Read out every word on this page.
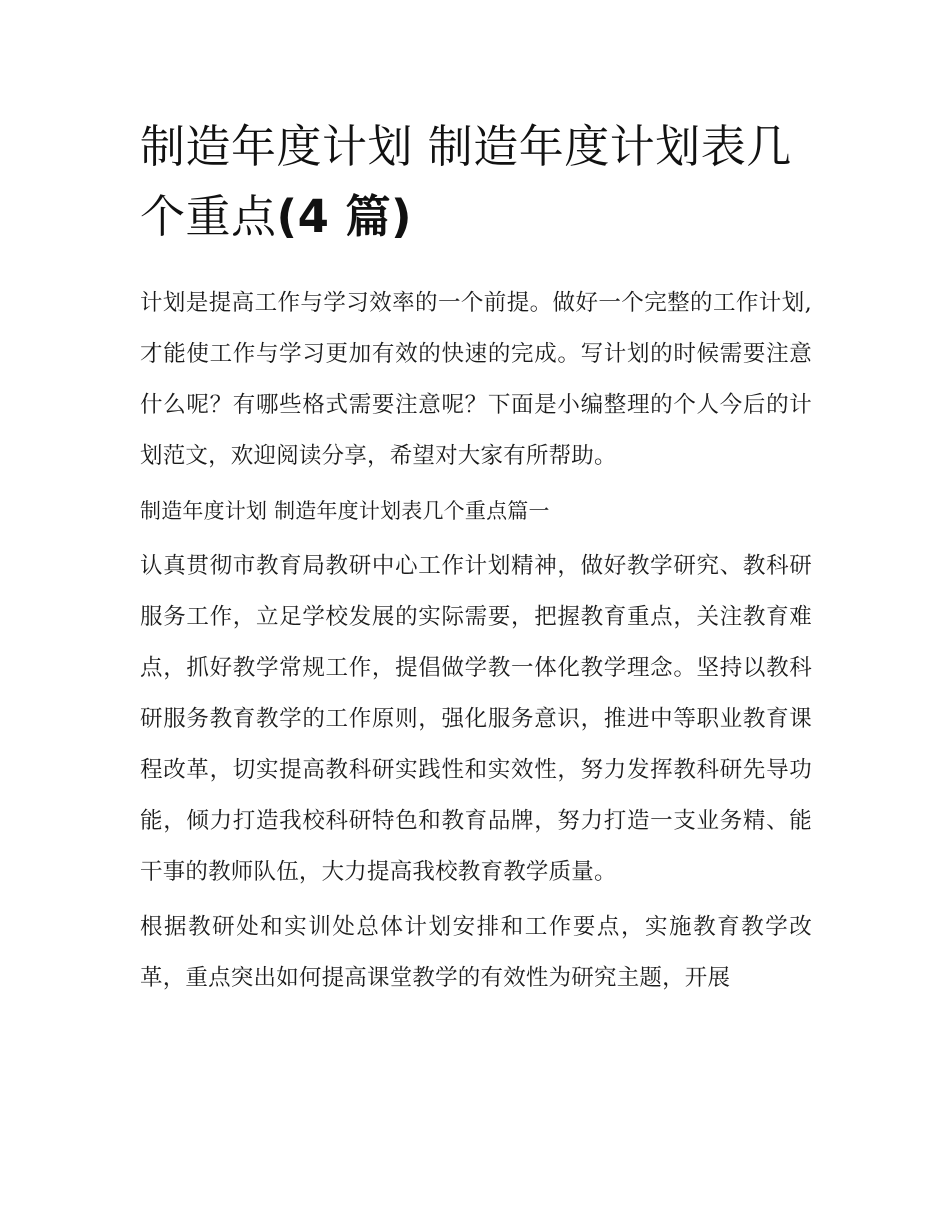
制造年度计划 制造年度计划表几个重点(4 篇)

计划是提高工作与学习效率的一个前提。做好一个完整的工作计划,才能使工作与学习更加有效的快速的完成。写计划的时候需要注意什么呢？有哪些格式需要注意呢？下面是小编整理的个人今后的计划范文，欢迎阅读分享，希望对大家有所帮助。

制造年度计划 制造年度计划表几个重点篇一

认真贯彻市教育局教研中心工作计划精神，做好教学研究、教科研服务工作，立足学校发展的实际需要，把握教育重点，关注教育难点，抓好教学常规工作，提倡做学教一体化教学理念。坚持以教科研服务教育教学的工作原则，强化服务意识，推进中等职业教育课程改革，切实提高教科研实践性和实效性，努力发挥教科研先导功能，倾力打造我校科研特色和教育品牌，努力打造一支业务精、能干事的教师队伍，大力提高我校教育教学质量。

根据教研处和实训处总体计划安排和工作要点，实施教育教学改革，重点突出如何提高课堂教学的有效性为研究主题，开展
